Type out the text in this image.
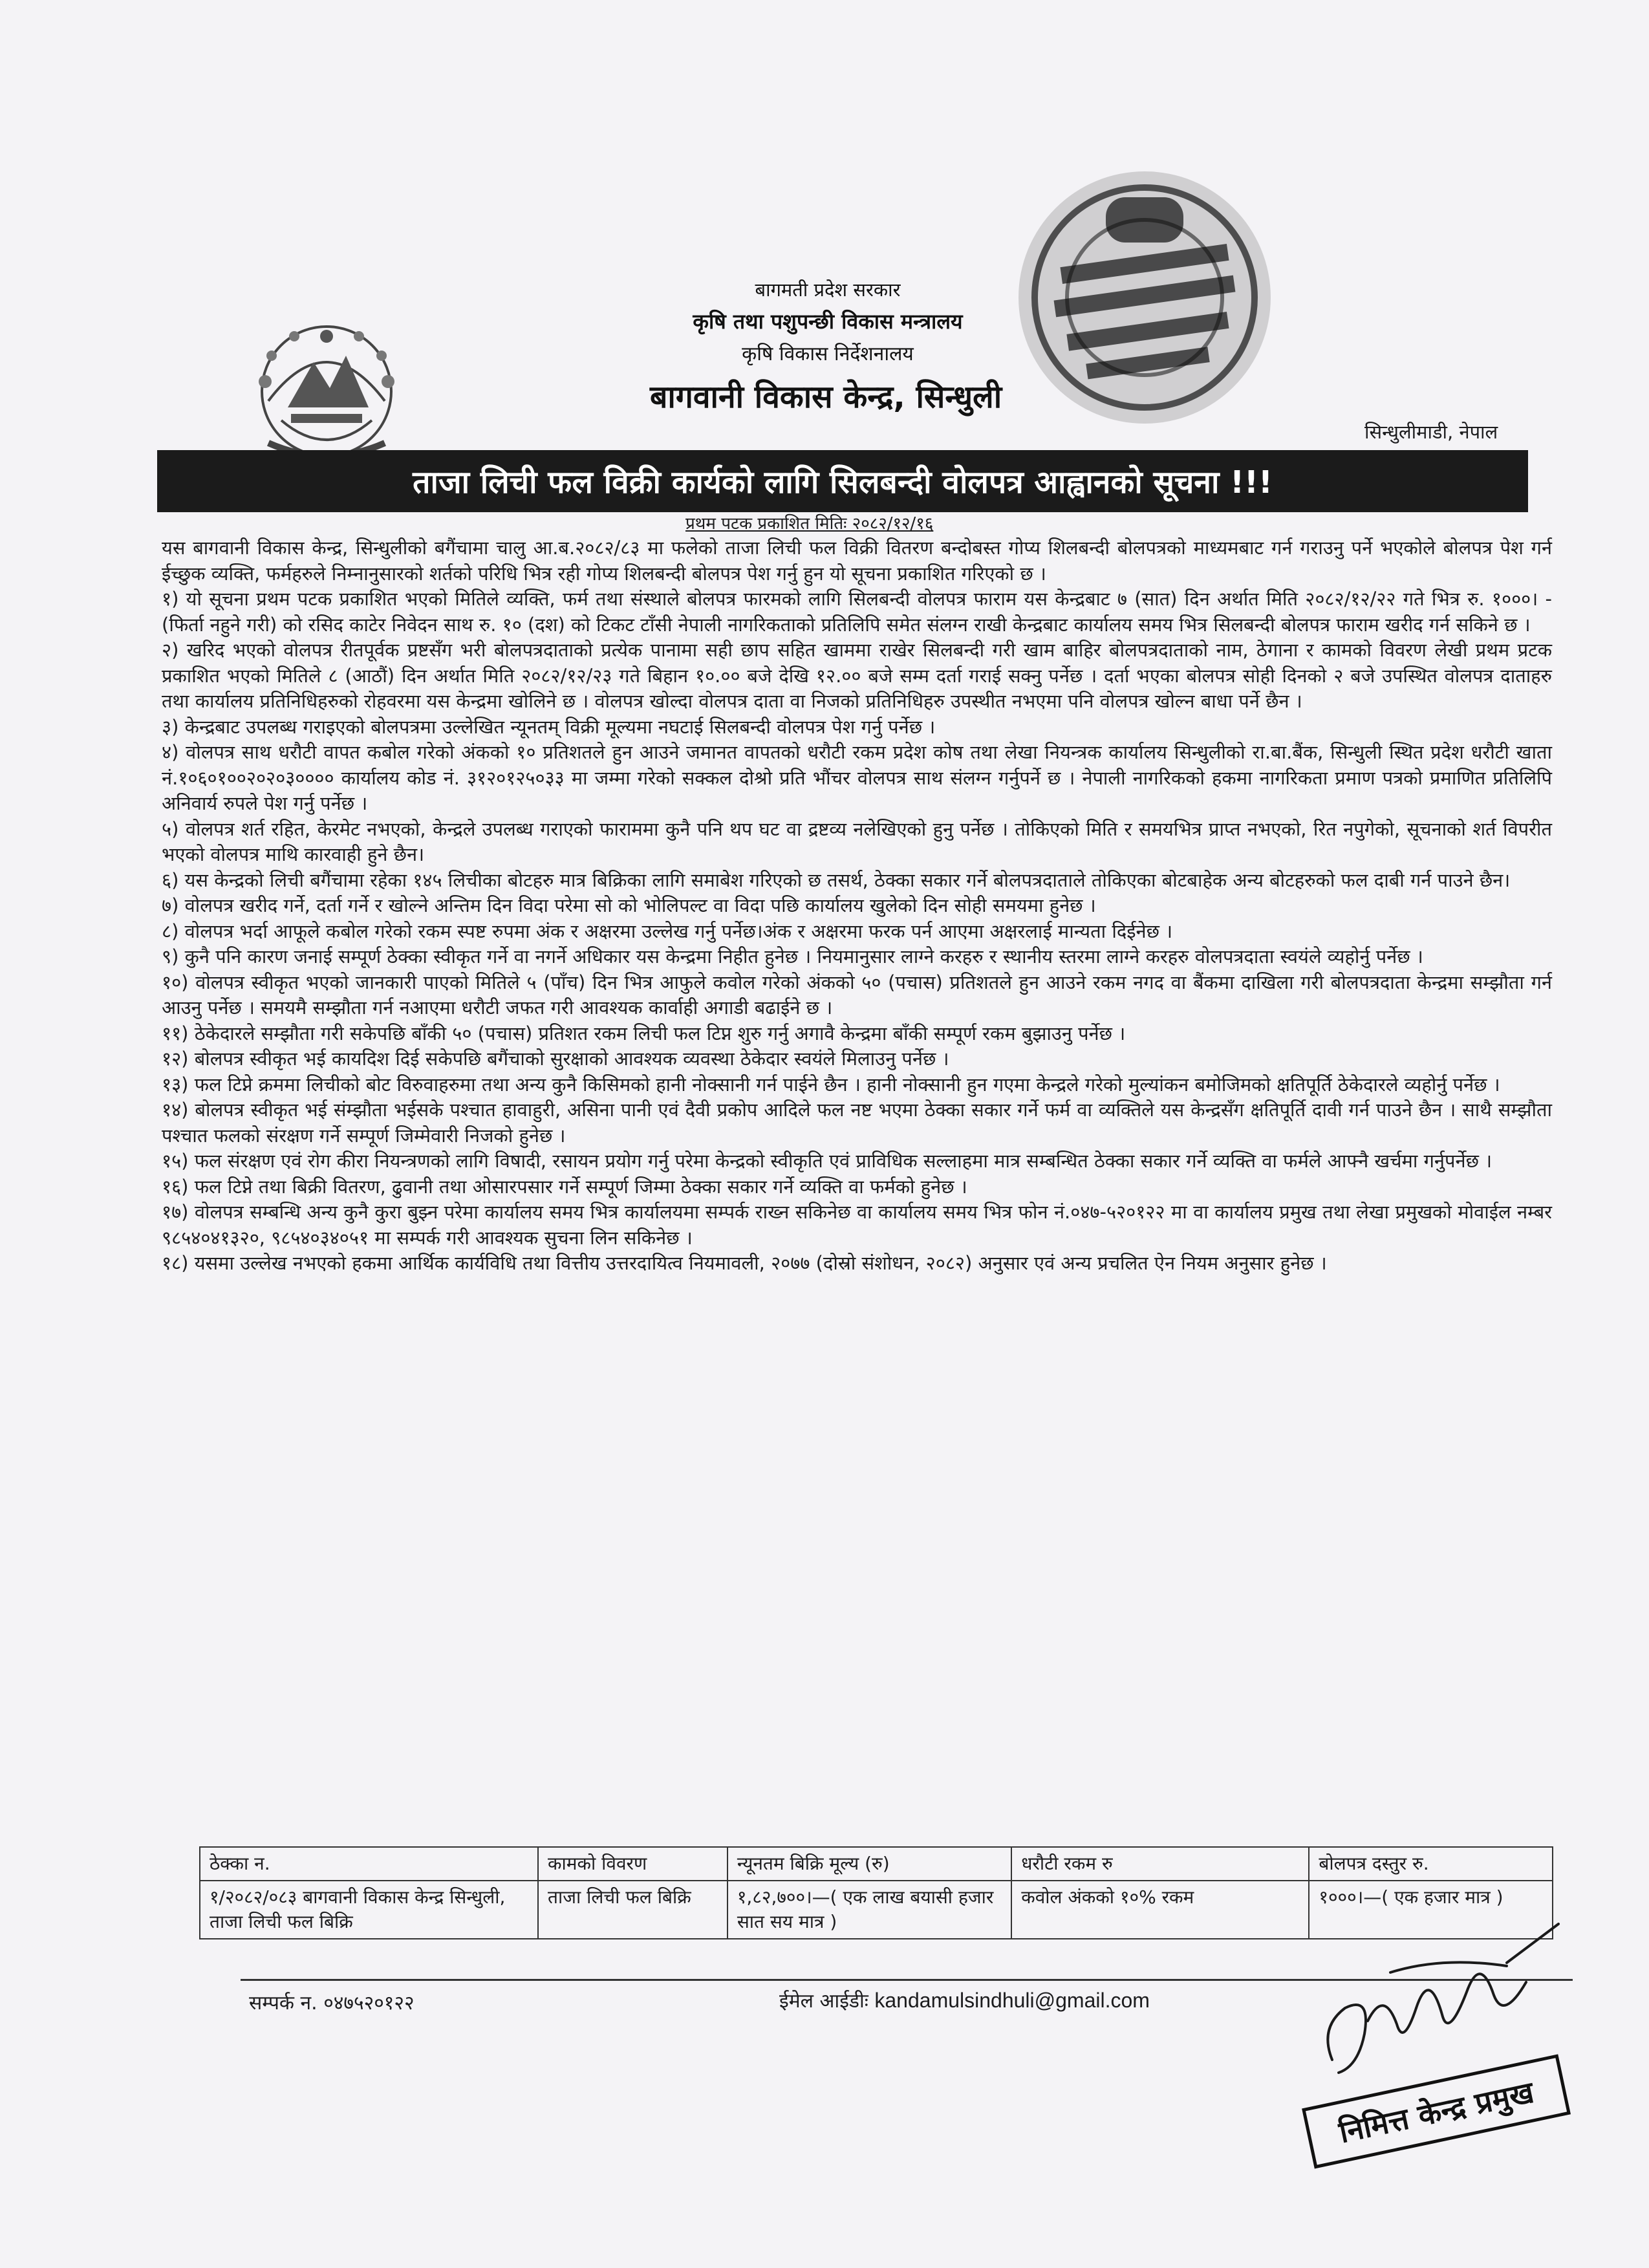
बागमती प्रदेश सरकार
कृषि तथा पशुपन्छी विकास मन्त्रालय
कृषि विकास निर्देशनालय
बागवानी विकास केन्द्र, सिन्धुली
सिन्धुलीमाडी, नेपाल
ताजा लिची फल विक्री कार्यको लागि सिलबन्दी वोलपत्र आह्वानको सूचना !!!
प्रथम पटक प्रकाशित मितिः २०८२/१२/१६

यस बागवानी विकास केन्द्र, सिन्धुलीको बगैंचामा चालु आ.ब.२०८२/८३ मा फलेको ताजा लिची फल विक्री वितरण बन्दोबस्त गोप्य शिलबन्दी बोलपत्रको माध्यमबाट गर्न गराउनु पर्ने भएकोले बोलपत्र पेश गर्न ईच्छुक व्यक्ति, फर्महरुले निम्नानुसारको शर्तको परिधि भित्र रही गोप्य शिलबन्दी बोलपत्र पेश गर्नु हुन यो सूचना प्रकाशित गरिएको छ ।

१) यो सूचना प्रथम पटक प्रकाशित भएको मितिले व्यक्ति, फर्म तथा संस्थाले बोलपत्र फारमको लागि सिलबन्दी वोलपत्र फाराम यस केन्द्रबाट ७ (सात) दिन अर्थात मिति २०८२/१२/२२ गते भित्र रु. १०००। -(फिर्ता नहुने गरी) को रसिद काटेर निवेदन साथ रु. १० (दश) को टिकट टाँसी नेपाली नागरिकताको प्रतिलिपि समेत संलग्न राखी केन्द्रबाट कार्यालय समय भित्र सिलबन्दी बोलपत्र फाराम खरीद गर्न सकिने छ ।

२) खरिद भएको वोलपत्र रीतपूर्वक प्रष्टसँग भरी बोलपत्रदाताको प्रत्येक पानामा सही छाप सहित खाममा राखेर सिलबन्दी गरी खाम बाहिर बोलपत्रदाताको नाम, ठेगाना र कामको विवरण लेखी प्रथम प्रटक प्रकाशित भएको मितिले ८ (आठौं) दिन अर्थात मिति २०८२/१२/२३ गते बिहान १०.०० बजे देखि १२.०० बजे सम्म दर्ता गराई सक्नु पर्नेछ । दर्ता भएका बोलपत्र सोही दिनको २ बजे उपस्थित वोलपत्र दाताहरु तथा कार्यालय प्रतिनिधिहरुको रोहवरमा यस केन्द्रमा खोलिने छ । वोलपत्र खोल्दा वोलपत्र दाता वा निजको प्रतिनिधिहरु उपस्थीत नभएमा पनि वोलपत्र खोल्न बाधा पर्ने छैन ।

३) केन्द्रबाट उपलब्ध गराइएको बोलपत्रमा उल्लेखित न्यूनतम् विक्री मूल्यमा नघटाई सिलबन्दी वोलपत्र पेश गर्नु पर्नेछ ।

४) वोलपत्र साथ धरौटी वापत कबोल गरेको अंकको १० प्रतिशतले हुन आउने जमानत वापतको धरौटी रकम प्रदेश कोष तथा लेखा नियन्त्रक कार्यालय सिन्धुलीको रा.बा.बैंक, सिन्धुली स्थित प्रदेश धरौटी खाता नं.१०६०१००२०२०३०००० कार्यालय कोड नं. ३१२०१२५०३३ मा जम्मा गरेको सक्कल दोश्रो प्रति भौंचर वोलपत्र साथ संलग्न गर्नुपर्ने छ । नेपाली नागरिकको हकमा नागरिकता प्रमाण पत्रको प्रमाणित प्रतिलिपि अनिवार्य रुपले पेश गर्नु पर्नेछ ।

५) वोलपत्र शर्त रहित, केरमेट नभएको, केन्द्रले उपलब्ध गराएको फाराममा कुनै पनि थप घट वा द्रष्टव्य नलेखिएको हुनु पर्नेछ । तोकिएको मिति र समयभित्र प्राप्त नभएको, रित नपुगेको, सूचनाको शर्त विपरीत भएको वोलपत्र माथि कारवाही हुने छैन।

६) यस केन्द्रको लिची बगैंचामा रहेका १४५ लिचीका बोटहरु मात्र बिक्रिका लागि समाबेश गरिएको छ तसर्थ, ठेक्का सकार गर्ने बोलपत्रदाताले तोकिएका बोटबाहेक अन्य बोटहरुको फल दाबी गर्न पाउने छैन।

७) वोलपत्र खरीद गर्ने, दर्ता गर्ने र खोल्ने अन्तिम दिन विदा परेमा सो को भोलिपल्ट वा विदा पछि कार्यालय खुलेको दिन सोही समयमा हुनेछ ।

८) वोलपत्र भर्दा आफूले कबोल गरेको रकम स्पष्ट रुपमा अंक र अक्षरमा उल्लेख गर्नु पर्नेछ।अंक र अक्षरमा फरक पर्न आएमा अक्षरलाई मान्यता दिईनेछ ।

९) कुनै पनि कारण जनाई सम्पूर्ण ठेक्का स्वीकृत गर्ने वा नगर्ने अधिकार यस केन्द्रमा निहीत हुनेछ । नियमानुसार लाग्ने करहरु र स्थानीय स्तरमा लाग्ने करहरु वोलपत्रदाता स्वयंले व्यहोर्नु पर्नेछ ।

१०) वोलपत्र स्वीकृत भएको जानकारी पाएको मितिले ५ (पाँच) दिन भित्र आफुले कवोल गरेको अंकको ५० (पचास) प्रतिशतले हुन आउने रकम नगद वा बैंकमा दाखिला गरी बोलपत्रदाता केन्द्रमा सम्झौता गर्न आउनु पर्नेछ । समयमै सम्झौता गर्न नआएमा धरौटी जफत गरी आवश्यक कार्वाही अगाडी बढाईने छ ।

११) ठेकेदारले सम्झौता गरी सकेपछि बाँकी ५० (पचास) प्रतिशत रकम लिची फल टिप्न शुरु गर्नु अगावै केन्द्रमा बाँकी सम्पूर्ण रकम बुझाउनु पर्नेछ ।

१२) बोलपत्र स्वीकृत भई कायदिश दिई सकेपछि बगैंचाको सुरक्षाको आवश्यक व्यवस्था ठेकेदार स्वयंले मिलाउनु पर्नेछ ।

१३) फल टिप्ने क्रममा लिचीको बोट विरुवाहरुमा तथा अन्य कुनै किसिमको हानी नोक्सानी गर्न पाईने छैन । हानी नोक्सानी हुन गएमा केन्द्रले गरेको मुल्यांकन बमोजिमको क्षतिपूर्ति ठेकेदारले व्यहोर्नु पर्नेछ ।

१४) बोलपत्र स्वीकृत भई संम्झौता भईसके पश्चात हावाहुरी, असिना पानी एवं दैवी प्रकोप आदिले फल नष्ट भएमा ठेक्का सकार गर्ने फर्म वा व्यक्तिले यस केन्द्रसँग क्षतिपूर्ति दावी गर्न पाउने छैन । साथै सम्झौता पश्चात फलको संरक्षण गर्ने सम्पूर्ण जिम्मेवारी निजको हुनेछ ।

१५) फल संरक्षण एवं रोग कीरा नियन्त्रणको लागि विषादी, रसायन प्रयोग गर्नु परेमा केन्द्रको स्वीकृति एवं प्राविधिक सल्लाहमा मात्र सम्बन्धित ठेक्का सकार गर्ने व्यक्ति वा फर्मले आफ्नै खर्चमा गर्नुपर्नेछ ।

१६) फल टिप्ने तथा बिक्री वितरण, ढुवानी तथा ओसारपसार गर्ने सम्पूर्ण जिम्मा ठेक्का सकार गर्ने व्यक्ति वा फर्मको हुनेछ ।

१७) वोलपत्र सम्बन्धि अन्य कुनै कुरा बुझ्न परेमा कार्यालय समय भित्र कार्यालयमा सम्पर्क राख्न सकिनेछ वा कार्यालय समय भित्र फोन नं.०४७-५२०१२२ मा वा कार्यालय प्रमुख तथा लेखा प्रमुखको मोवाईल नम्बर ९८५४०४१३२०, ९८५४०३४०५१ मा सम्पर्क गरी आवश्यक सुचना लिन सकिनेछ ।

१८) यसमा उल्लेख नभएको हकमा आर्थिक कार्यविधि तथा वित्तीय उत्तरदायित्व नियमावली, २०७७ (दोस्रो संशोधन, २०८२) अनुसार एवं अन्य प्रचलित ऐन नियम अनुसार हुनेछ ।

ठेक्का न.	कामको विवरण	न्यूनतम बिक्रि मूल्य (रु)	धरौटी रकम रु	बोलपत्र दस्तुर रु.
१/२०८२/०८३ बागवानी विकास केन्द्र सिन्धुली, ताजा लिची फल बिक्रि	ताजा लिची फल बिक्रि	१,८२,७००।—( एक लाख बयासी हजार सात सय मात्र )	कवोल अंकको १०% रकम	१०००।—( एक हजार मात्र )
सम्पर्क न. ०४७५२०१२२	ईमेल आईडीः kandamulsindhuli@gmail.com
निमित्त केन्द्र प्रमुख
